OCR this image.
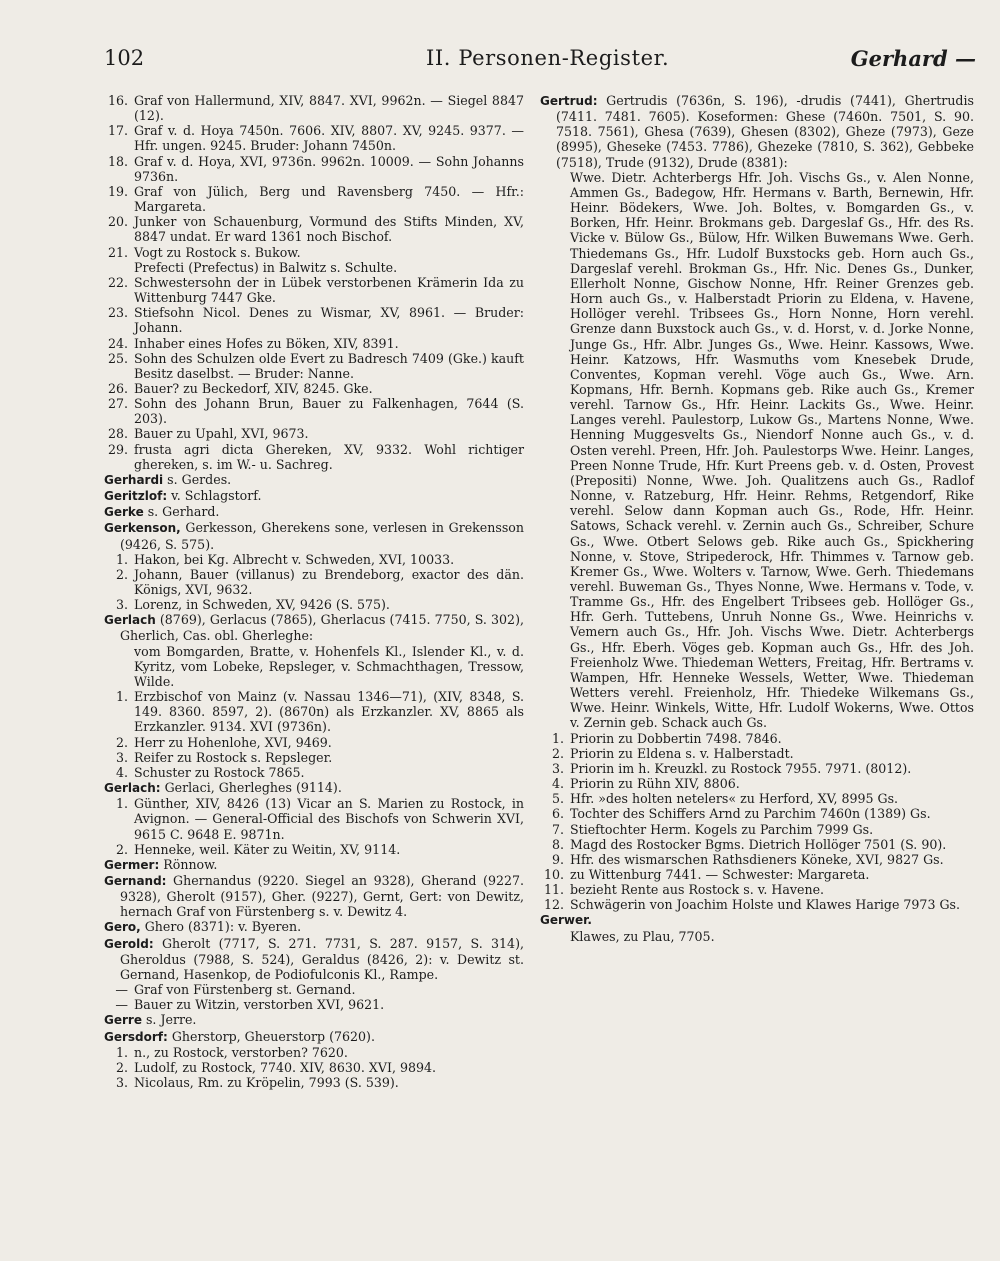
102	II. Personen-Register.	Gerhard —
16. Graf von Hallermund, XIV, 8847. XVI, 9962n. — Siegel 8847 (12).
17. Graf v. d. Hoya 7450n. 7606. XIV, 8807. XV, 9245. 9377. — Hfr. ungen. 9245. Bruder: Johann 7450n.
18. Graf v. d. Hoya, XVI, 9736n. 9962n. 10009. — Sohn Johanns 9736n.
19. Graf von Jülich, Berg und Ravensberg 7450. — Hfr.: Margareta.
20. Junker von Schauenburg, Vormund des Stifts Minden, XV, 8847 undat. Er ward 1361 noch Bischof.
21. Vogt zu Rostock s. Bukow.
Prefecti (Prefectus) in Balwitz s. Schulte.
22. Schwestersohn der in Lübek verstorbenen Krämerin Ida zu Wittenburg 7447 Gke.
23. Stiefsohn Nicol. Denes zu Wismar, XV, 8961. — Bruder: Johann.
24. Inhaber eines Hofes zu Böken, XIV, 8391.
25. Sohn des Schulzen olde Evert zu Badresch 7409 (Gke.) kauft Besitz daselbst. — Bruder: Nanne.
26. Bauer? zu Beckedorf, XIV, 8245. Gke.
27. Sohn des Johann Brun, Bauer zu Falkenhagen, 7644 (S. 203).
28. Bauer zu Upahl, XVI, 9673.
29. frusta agri dicta Ghereken, XV, 9332. Wohl richtiger ghereken, s. im W.- u. Sachreg.
Gerhardi s. Gerdes.
Geritzlof: v. Schlagstorf.
Gerke s. Gerhard.
Gerkenson, Gerkesson, Gherekens sone, verlesen in Grekensson (9426, S. 575).
1. Hakon, bei Kg. Albrecht v. Schweden, XVI, 10033.
2. Johann, Bauer (villanus) zu Brendeborg, exactor des dän. Königs, XVI, 9632.
3. Lorenz, in Schweden, XV, 9426 (S. 575).
Gerlach (8769), Gerlacus (7865), Gherlacus (7415. 7750, S. 302), Gherlich, Cas. obl. Gherleghe:
vom Bomgarden, Bratte, v. Hohenfels Kl., Islender Kl., v. d. Kyritz, vom Lobeke, Repsleger, v. Schmachthagen, Tressow, Wilde.
1. Erzbischof von Mainz (v. Nassau 1346—71), (XIV, 8348, S. 149. 8360. 8597, 2). (8670n) als Erzkanzler. XV, 8865 als Erzkanzler. 9134. XVI (9736n).
2. Herr zu Hohenlohe, XVI, 9469.
3. Reifer zu Rostock s. Repsleger.
4. Schuster zu Rostock 7865.
Gerlach: Gerlaci, Gherleghes (9114).
1. Günther, XIV, 8426 (13) Vicar an S. Marien zu Rostock, in Avignon. — General-Official des Bischofs von Schwerin XVI, 9615 C. 9648 E. 9871n.
2. Henneke, weil. Käter zu Weitin, XV, 9114.
Germer: Rönnow.
Gernand: Ghernandus (9220. Siegel an 9328), Gherand (9227. 9328), Gherolt (9157), Gher. (9227), Gernt, Gert: von Dewitz, hernach Graf von Fürstenberg s. v. Dewitz 4.
Gero, Ghero (8371): v. Byeren.
Gerold: Gherolt (7717, S. 271. 7731, S. 287. 9157, S. 314), Gheroldus (7988, S. 524), Geraldus (8426, 2): v. Dewitz st. Gernand, Hasenkop, de Podiofulconis Kl., Rampe.
— Graf von Fürstenberg st. Gernand.
— Bauer zu Witzin, verstorben XVI, 9621.
Gerre s. Jerre.
Gersdorf: Gherstorp, Gheuerstorp (7620).
1. n., zu Rostock, verstorben? 7620.
2. Ludolf, zu Rostock, 7740. XIV, 8630. XVI, 9894.
3. Nicolaus, Rm. zu Kröpelin, 7993 (S. 539).
Gertrud: Gertrudis (7636n, S. 196), -drudis (7441), Ghertrudis (7411. 7481. 7605). Koseformen: Ghese (7460n. 7501, S. 90. 7518. 7561), Ghesa (7639), Ghesen (8302), Gheze (7973), Geze (8995), Gheseke (7453. 7786), Ghezeke (7810, S. 362), Gebbeke (7518), Trude (9132), Drude (8381):
Wwe. Dietr. Achterbergs Hfr. Joh. Vischs Gs., v. Alen Nonne, Ammen Gs., Badegow, Hfr. Hermans v. Barth, Bernewin, Hfr. Heinr. Bödekers, Wwe. Joh. Boltes, v. Bomgarden Gs., v. Borken, Hfr. Heinr. Brokmans geb. Dargeslaf Gs., Hfr. des Rs. Vicke v. Bülow Gs., Bülow, Hfr. Wilken Buwemans Wwe. Gerh. Thiedemans Gs., Hfr. Ludolf Buxstocks geb. Horn auch Gs., Dargeslaf verehl. Brokman Gs., Hfr. Nic. Denes Gs., Dunker, Ellerholt Nonne, Gischow Nonne, Hfr. Reiner Grenzes geb. Horn auch Gs., v. Halberstadt Priorin zu Eldena, v. Havene, Hollöger verehl. Tribsees Gs., Horn Nonne, Horn verehl. Grenze dann Buxstock auch Gs., v. d. Horst, v. d. Jorke Nonne, Junge Gs., Hfr. Albr. Junges Gs., Wwe. Heinr. Kassows, Wwe. Heinr. Katzows, Hfr. Wasmuths vom Knesebek Drude, Conventes, Kopman verehl. Vöge auch Gs., Wwe. Arn. Kopmans, Hfr. Bernh. Kopmans geb. Rike auch Gs., Kremer verehl. Tarnow Gs., Hfr. Heinr. Lackits Gs., Wwe. Heinr. Langes verehl. Paulestorp, Lukow Gs., Martens Nonne, Wwe. Henning Muggesvelts Gs., Niendorf Nonne auch Gs., v. d. Osten verehl. Preen, Hfr. Joh. Paulestorps Wwe. Heinr. Langes, Preen Nonne Trude, Hfr. Kurt Preens geb. v. d. Osten, Provest (Prepositi) Nonne, Wwe. Joh. Qualitzens auch Gs., Radlof Nonne, v. Ratzeburg, Hfr. Heinr. Rehms, Retgendorf, Rike verehl. Selow dann Kopman auch Gs., Rode, Hfr. Heinr. Satows, Schack verehl. v. Zernin auch Gs., Schreiber, Schure Gs., Wwe. Otbert Selows geb. Rike auch Gs., Spickhering Nonne, v. Stove, Stripederock, Hfr. Thimmes v. Tarnow geb. Kremer Gs., Wwe. Wolters v. Tarnow, Wwe. Gerh. Thiedemans verehl. Buweman Gs., Thyes Nonne, Wwe. Hermans v. Tode, v. Tramme Gs., Hfr. des Engelbert Tribsees geb. Hollöger Gs., Hfr. Gerh. Tuttebens, Unruh Nonne Gs., Wwe. Heinrichs v. Vemern auch Gs., Hfr. Joh. Vischs Wwe. Dietr. Achterbergs Gs., Hfr. Eberh. Vöges geb. Kopman auch Gs., Hfr. des Joh. Freienholz Wwe. Thiedeman Wetters, Freitag, Hfr. Bertrams v. Wampen, Hfr. Henneke Wessels, Wetter, Wwe. Thiedeman Wetters verehl. Freienholz, Hfr. Thiedeke Wilkemans Gs., Wwe. Heinr. Winkels, Witte, Hfr. Ludolf Wokerns, Wwe. Ottos v. Zernin geb. Schack auch Gs.
1. Priorin zu Dobbertin 7498. 7846.
2. Priorin zu Eldena s. v. Halberstadt.
3. Priorin im h. Kreuzkl. zu Rostock 7955. 7971. (8012).
4. Priorin zu Rühn XIV, 8806.
5. Hfr. »des holten netelers« zu Herford, XV, 8995 Gs.
6. Tochter des Schiffers Arnd zu Parchim 7460n (1389) Gs.
7. Stieftochter Herm. Kogels zu Parchim 7999 Gs.
8. Magd des Rostocker Bgms. Dietrich Hollöger 7501 (S. 90).
9. Hfr. des wismarschen Rathsdieners Köneke, XVI, 9827 Gs.
10. zu Wittenburg 7441. — Schwester: Margareta.
11. bezieht Rente aus Rostock s. v. Havene.
12. Schwägerin von Joachim Holste und Klawes Harige 7973 Gs.
Gerwer.
Klawes, zu Plau, 7705.
